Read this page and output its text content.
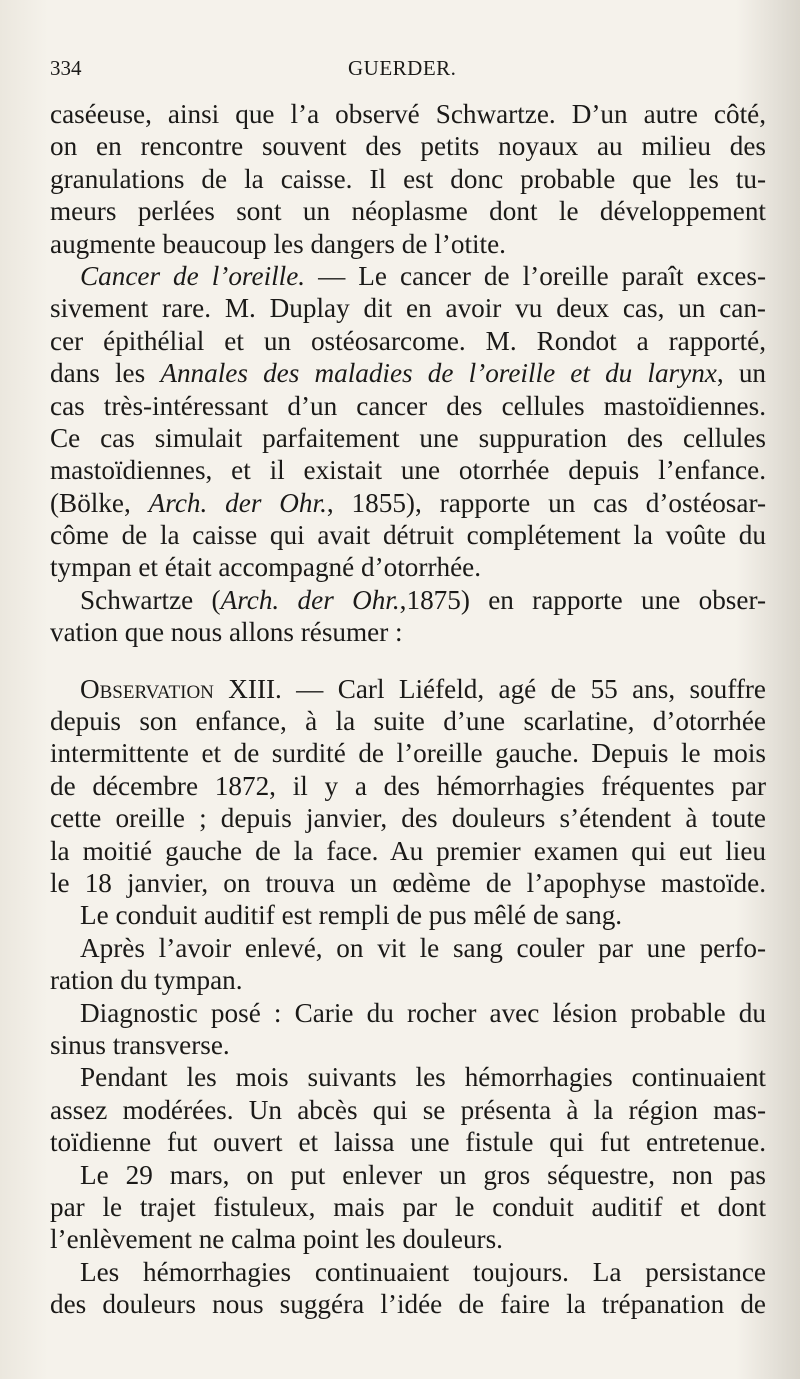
334	GUERDER.
caséeuse, ainsi que l’a observé Schwartze. D’un autre côté,
on en rencontre souvent des petits noyaux au milieu des
granulations de la caisse. Il est donc probable que les tu-
meurs perlées sont un néoplasme dont le développement
augmente beaucoup les dangers de l’otite.
Cancer de l’oreille. — Le cancer de l’oreille paraît exces-
sivement rare. M. Duplay dit en avoir vu deux cas, un can-
cer épithélial et un ostéosarcome. M. Rondot a rapporté,
dans les Annales des maladies de l’oreille et du larynx, un
cas très-intéressant d’un cancer des cellules mastoïdiennes.
Ce cas simulait parfaitement une suppuration des cellules
mastoïdiennes, et il existait une otorrhée depuis l’enfance.
(Bölke, Arch. der Ohr., 1855), rapporte un cas d’ostéosar-
côme de la caisse qui avait détruit complétement la voûte du
tympan et était accompagné d’otorrhée.
Schwartze (Arch. der Ohr.,1875) en rapporte une obser-
vation que nous allons résumer :
Observation XIII. — Carl Liéfeld, agé de 55 ans, souffre
depuis son enfance, à la suite d’une scarlatine, d’otorrhée
intermittente et de surdité de l’oreille gauche. Depuis le mois
de décembre 1872, il y a des hémorrhagies fréquentes par
cette oreille ; depuis janvier, des douleurs s’étendent à toute
la moitié gauche de la face. Au premier examen qui eut lieu
le 18 janvier, on trouva un œdème de l’apophyse mastoïde.
Le conduit auditif est rempli de pus mêlé de sang.
Après l’avoir enlevé, on vit le sang couler par une perfo-
ration du tympan.
Diagnostic posé : Carie du rocher avec lésion probable du
sinus transverse.
Pendant les mois suivants les hémorrhagies continuaient
assez modérées. Un abcès qui se présenta à la région mas-
toïdienne fut ouvert et laissa une fistule qui fut entretenue.
Le 29 mars, on put enlever un gros séquestre, non pas
par le trajet fistuleux, mais par le conduit auditif et dont
l’enlèvement ne calma point les douleurs.
Les hémorrhagies continuaient toujours. La persistance
des douleurs nous suggéra l’idée de faire la trépanation de
